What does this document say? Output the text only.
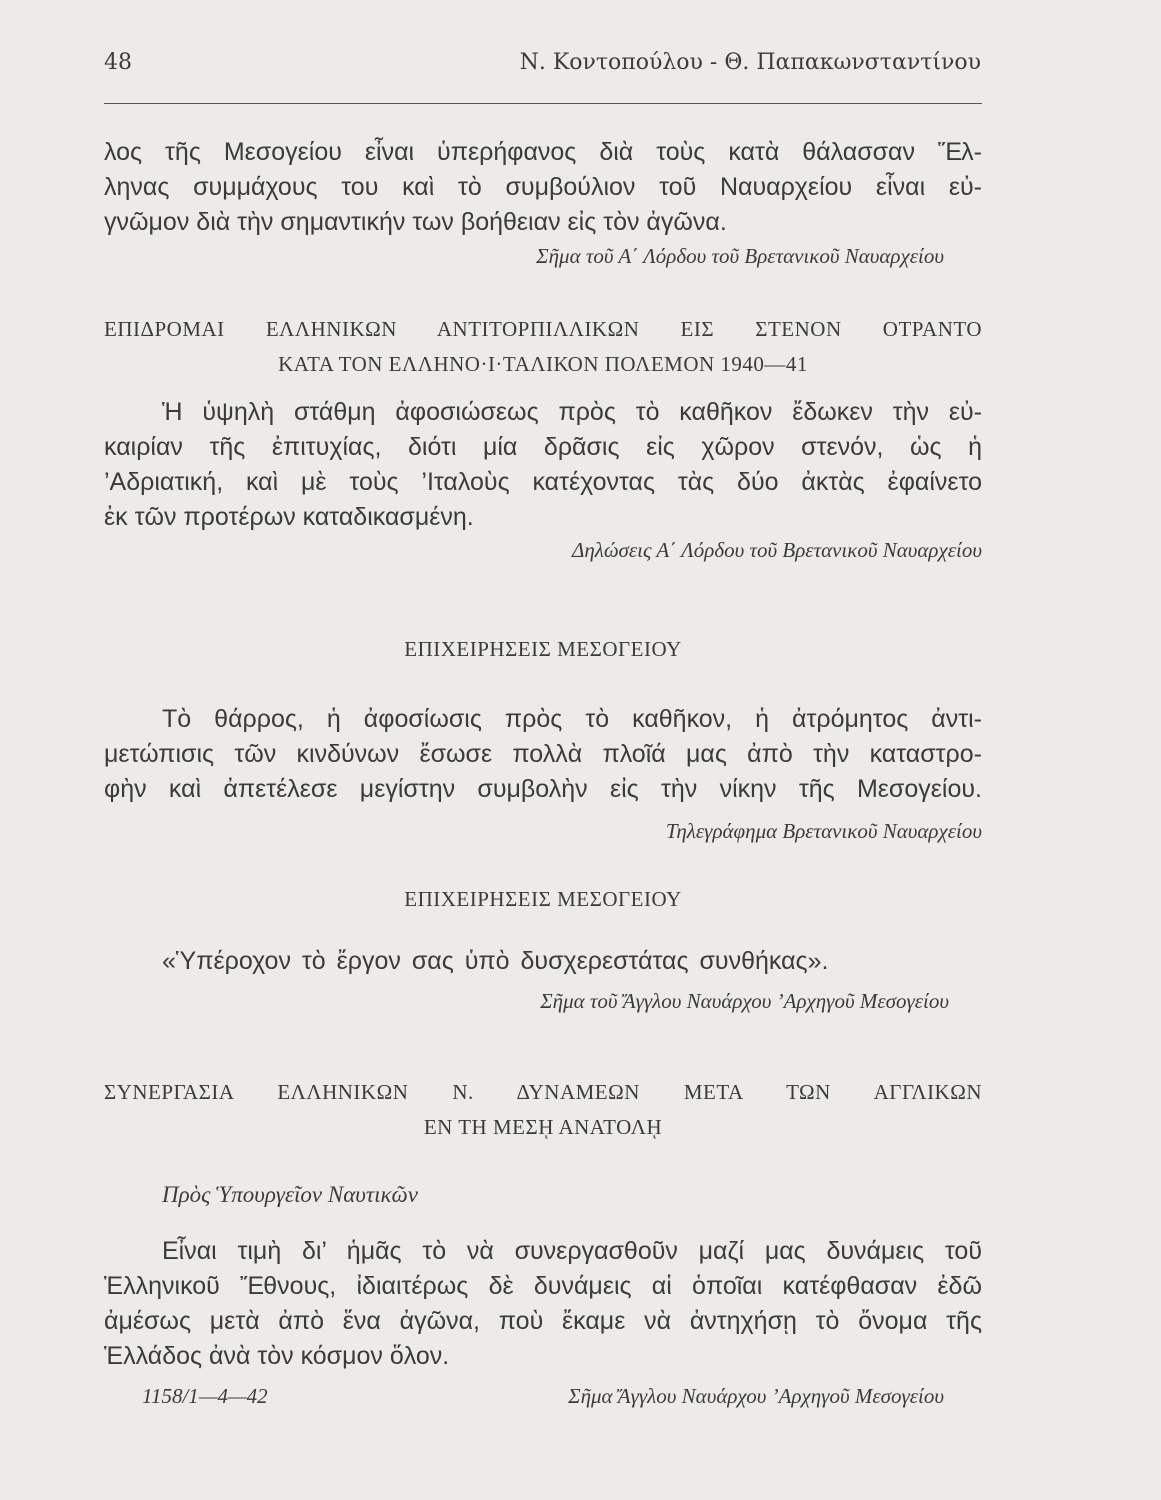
48	Ν. Κοντοπούλου - Θ. Παπακωνσταντίνου
λος τῆς Μεσογείου εἶναι ὑπερήφανος διὰ τοὺς κατὰ θάλασσαν Ἕλ-
ληνας συμμάχους του καὶ τὸ συμβούλιον τοῦ Ναυαρχείου εἶναι εὐ-
γνῶμον διὰ τὴν σημαντικήν των βοήθειαν εἰς τὸν ἀγῶνα.
Σῆμα τοῦ Α΄ Λόρδου τοῦ Βρετανικοῦ Ναυαρχείου
ΕΠΙΔΡΟΜΑΙ ΕΛΛΗΝΙΚΩΝ ΑΝΤΙΤΟΡΠΙΛΛΙΚΩΝ ΕΙΣ ΣΤΕΝΟΝ ΟΤΡΑΝΤΟ
ΚΑΤΑ ΤΟΝ ΕΛΛΗΝΟ·Ι·ΤΑΛΙΚΟΝ ΠΟΛΕΜΟΝ 1940—41
Ἡ ὑψηλὴ στάθμη ἀφοσιώσεως πρὸς τὸ καθῆκον ἔδωκεν τὴν εὐ-
καιρίαν τῆς ἐπιτυχίας, διότι μία δρᾶσις εἰς χῶρον στενόν, ὡς ἡ
’Αδριατική, καὶ μὲ τοὺς ’Ιταλοὺς κατέχοντας τὰς δύο ἀκτὰς ἐφαίνετο
ἐκ τῶν προτέρων καταδικασμένη.
Δηλώσεις Α΄ Λόρδου τοῦ Βρετανικοῦ Ναυαρχείου
ΕΠΙΧΕΙΡΗΣΕΙΣ ΜΕΣΟΓΕΙΟΥ
Τὸ θάρρος, ἡ ἀφοσίωσις πρὸς τὸ καθῆκον, ἡ ἀτρόμητος ἀντι-
μετώπισις τῶν κινδύνων ἔσωσε πολλὰ πλοῖά μας ἀπὸ τὴν καταστρο-
φὴν καὶ ἀπετέλεσε μεγίστην συμβολὴν εἰς τὴν νίκην τῆς Μεσογείου.
Τηλεγράφημα Βρετανικοῦ Ναυαρχείου
ΕΠΙΧΕΙΡΗΣΕΙΣ ΜΕΣΟΓΕΙΟΥ
«Ὑπέροχον τὸ ἔργον σας ὑπὸ δυσχερεστάτας συνθήκας».
Σῆμα τοῦ Ἄγγλου Ναυάρχου ’Αρχηγοῦ Μεσογείου
ΣΥΝΕΡΓΑΣΙΑ ΕΛΛΗΝΙΚΩΝ Ν. ΔΥΝΑΜΕΩΝ ΜΕΤΑ ΤΩΝ ΑΓΓΛΙΚΩΝ
ΕΝ ΤΗ ΜΕΣῌ ΑΝΑΤΟΛῌ
Πρὸς Ὑπουργεῖον Ναυτικῶν
Εἶναι τιμὴ δι’ ἡμᾶς τὸ νὰ συνεργασθοῦν μαζί μας δυνάμεις τοῦ
Ἑλληνικοῦ Ἔθνους, ἰδιαιτέρως δὲ δυνάμεις αἱ ὁποῖαι κατέφθασαν ἐδῶ
ἀμέσως μετὰ ἀπὸ ἕνα ἀγῶνα, ποὺ ἔκαμε νὰ ἀντηχήσῃ τὸ ὄνομα τῆς
Ἑλλάδος ἀνὰ τὸν κόσμον ὅλον.
1158/1—4—42	Σῆμα Ἄγγλου Ναυάρχου ’Αρχηγοῦ Μεσογείου
